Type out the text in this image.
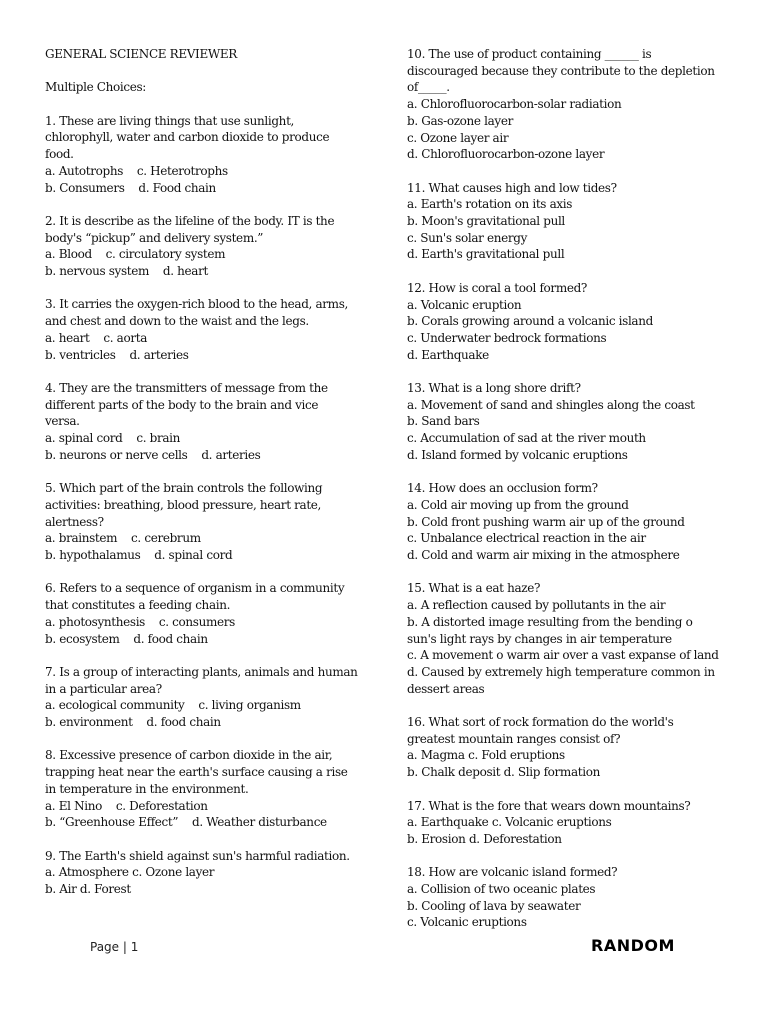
GENERAL SCIENCE REVIEWER
Multiple Choices:
1. These are living things that use sunlight,
chlorophyll, water and carbon dioxide to produce
food.
a. Autotrophs    c. Heterotrophs
b. Consumers    d. Food chain
2. It is describe as the lifeline of the body. IT is the
body's “pickup” and delivery system.”
a. Blood    c. circulatory system
b. nervous system    d. heart
3. It carries the oxygen-rich blood to the head, arms,
and chest and down to the waist and the legs.
a. heart    c. aorta
b. ventricles    d. arteries
4. They are the transmitters of message from the
different parts of the body to the brain and vice
versa.
a. spinal cord    c. brain
b. neurons or nerve cells    d. arteries
5. Which part of the brain controls the following
activities: breathing, blood pressure, heart rate,
alertness?
a. brainstem    c. cerebrum
b. hypothalamus    d. spinal cord
6. Refers to a sequence of organism in a community
that constitutes a feeding chain.
a. photosynthesis    c. consumers
b. ecosystem    d. food chain
7. Is a group of interacting plants, animals and human
in a particular area?
a. ecological community    c. living organism
b. environment    d. food chain
8. Excessive presence of carbon dioxide in the air,
trapping heat near the earth's surface causing a rise
in temperature in the environment.
a. El Nino    c. Deforestation
b. “Greenhouse Effect”    d. Weather disturbance
9. The Earth's shield against sun's harmful radiation.
a. Atmosphere c. Ozone layer
b. Air d. Forest
10. The use of product containing ______ is
discouraged because they contribute to the depletion
of_____.
a. Chlorofluorocarbon-solar radiation
b. Gas-ozone layer
c. Ozone layer air
d. Chlorofluorocarbon-ozone layer
11. What causes high and low tides?
a. Earth's rotation on its axis
b. Moon's gravitational pull
c. Sun's solar energy
d. Earth's gravitational pull
12. How is coral a tool formed?
a. Volcanic eruption
b. Corals growing around a volcanic island
c. Underwater bedrock formations
d. Earthquake
13. What is a long shore drift?
a. Movement of sand and shingles along the coast
b. Sand bars
c. Accumulation of sad at the river mouth
d. Island formed by volcanic eruptions
14. How does an occlusion form?
a. Cold air moving up from the ground
b. Cold front pushing warm air up of the ground
c. Unbalance electrical reaction in the air
d. Cold and warm air mixing in the atmosphere
15. What is a eat haze?
a. A reflection caused by pollutants in the air
b. A distorted image resulting from the bending o
sun's light rays by changes in air temperature
c. A movement o warm air over a vast expanse of land
d. Caused by extremely high temperature common in
dessert areas
16. What sort of rock formation do the world's
greatest mountain ranges consist of?
a. Magma c. Fold eruptions
b. Chalk deposit d. Slip formation
17. What is the fore that wears down mountains?
a. Earthquake c. Volcanic eruptions
b. Erosion d. Deforestation
18. How are volcanic island formed?
a. Collision of two oceanic plates
b. Cooling of lava by seawater
c. Volcanic eruptions
Page | 1	RANDOM
